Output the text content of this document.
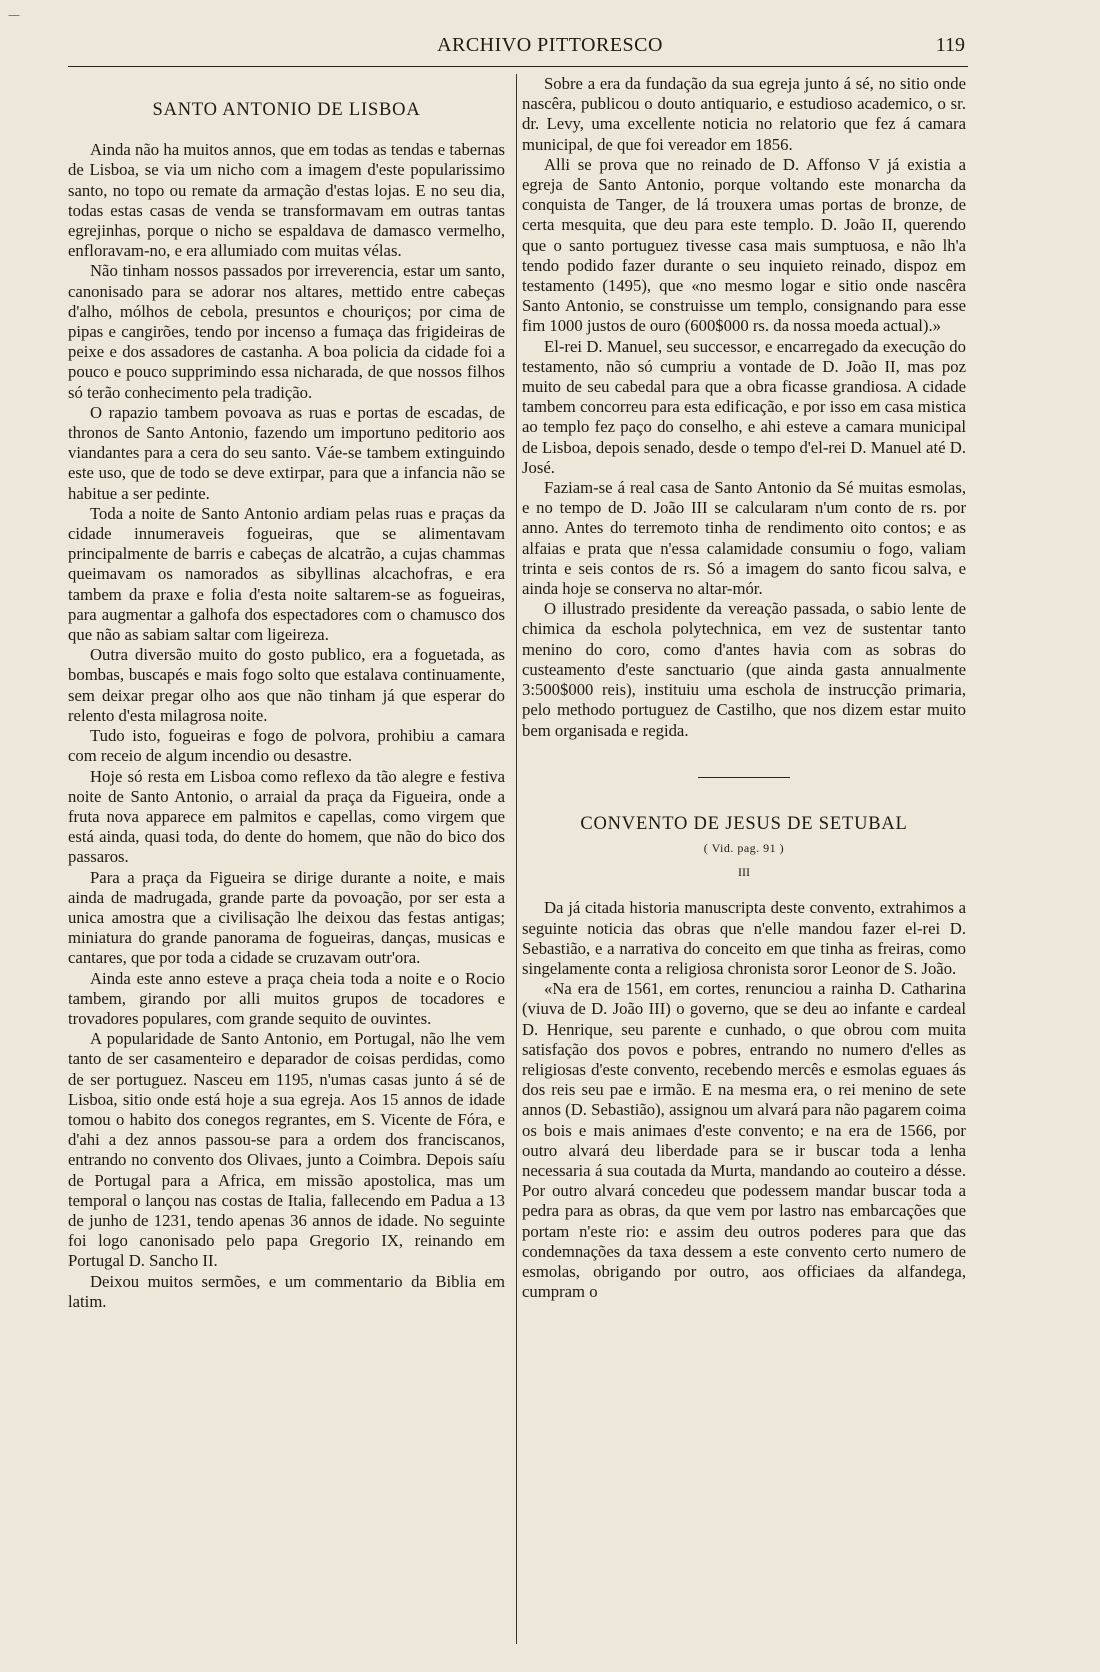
ARCHIVO PITTORESCO	119
SANTO ANTONIO DE LISBOA

Ainda não ha muitos annos, que em todas as tendas e tabernas de Lisboa, se via um nicho com a imagem d'este popularissimo santo, no topo ou remate da armação d'estas lojas. E no seu dia, todas estas casas de venda se transformavam em outras tantas egrejinhas, porque o nicho se espaldava de damasco vermelho, enfloravam-no, e era allumiado com muitas vélas.

Não tinham nossos passados por irreverencia, estar um santo, canonisado para se adorar nos altares, mettido entre cabeças d'alho, mólhos de cebola, presuntos e chouriços; por cima de pipas e cangirões, tendo por incenso a fumaça das frigideiras de peixe e dos assadores de castanha. A boa policia da cidade foi a pouco e pouco supprimindo essa nicharada, de que nossos filhos só terão conhecimento pela tradição.

O rapazio tambem povoava as ruas e portas de escadas, de thronos de Santo Antonio, fazendo um importuno peditorio aos viandantes para a cera do seu santo. Váe-se tambem extinguindo este uso, que de todo se deve extirpar, para que a infancia não se habitue a ser pedinte.

Toda a noite de Santo Antonio ardiam pelas ruas e praças da cidade innumeraveis fogueiras, que se alimentavam principalmente de barris e cabeças de alcatrão, a cujas chammas queimavam os namorados as sibyllinas alcachofras, e era tambem da praxe e folia d'esta noite saltarem-se as fogueiras, para augmentar a galhofa dos espectadores com o chamusco dos que não as sabiam saltar com ligeireza.

Outra diversão muito do gosto publico, era a foguetada, as bombas, buscapés e mais fogo solto que estalava continuamente, sem deixar pregar olho aos que não tinham já que esperar do relento d'esta milagrosa noite.

Tudo isto, fogueiras e fogo de polvora, prohibiu a camara com receio de algum incendio ou desastre.

Hoje só resta em Lisboa como reflexo da tão alegre e festiva noite de Santo Antonio, o arraial da praça da Figueira, onde a fruta nova apparece em palmitos e capellas, como virgem que está ainda, quasi toda, do dente do homem, que não do bico dos passaros.

Para a praça da Figueira se dirige durante a noite, e mais ainda de madrugada, grande parte da povoação, por ser esta a unica amostra que a civilisação lhe deixou das festas antigas; miniatura do grande panorama de fogueiras, danças, musicas e cantares, que por toda a cidade se cruzavam outr'ora.

Ainda este anno esteve a praça cheia toda a noite e o Rocio tambem, girando por alli muitos grupos de tocadores e trovadores populares, com grande sequito de ouvintes.

A popularidade de Santo Antonio, em Portugal, não lhe vem tanto de ser casamenteiro e deparador de coisas perdidas, como de ser portuguez. Nasceu em 1195, n'umas casas junto á sé de Lisboa, sitio onde está hoje a sua egreja. Aos 15 annos de idade tomou o habito dos conegos regrantes, em S. Vicente de Fóra, e d'ahi a dez annos passou-se para a ordem dos franciscanos, entrando no convento dos Olivaes, junto a Coimbra. Depois saíu de Portugal para a Africa, em missão apostolica, mas um temporal o lançou nas costas de Italia, fallecendo em Padua a 13 de junho de 1231, tendo apenas 36 annos de idade. No seguinte foi logo canonisado pelo papa Gregorio IX, reinando em Portugal D. Sancho II.

Deixou muitos sermões, e um commentario da Biblia em latim.

Sobre a era da fundação da sua egreja junto á sé, no sitio onde nascêra, publicou o douto antiquario, e estudioso academico, o sr. dr. Levy, uma excellente noticia no relatorio que fez á camara municipal, de que foi vereador em 1856.

Alli se prova que no reinado de D. Affonso V já existia a egreja de Santo Antonio, porque voltando este monarcha da conquista de Tanger, de lá trouxera umas portas de bronze, de certa mesquita, que deu para este templo. D. João II, querendo que o santo portuguez tivesse casa mais sumptuosa, e não lh'a tendo podido fazer durante o seu inquieto reinado, dispoz em testamento (1495), que «no mesmo logar e sitio onde nascêra Santo Antonio, se construisse um templo, consignando para esse fim 1000 justos de ouro (600$000 rs. da nossa moeda actual).»

El-rei D. Manuel, seu successor, e encarregado da execução do testamento, não só cumpriu a vontade de D. João II, mas poz muito de seu cabedal para que a obra ficasse grandiosa. A cidade tambem concorreu para esta edificação, e por isso em casa mistica ao templo fez paço do conselho, e ahi esteve a camara municipal de Lisboa, depois senado, desde o tempo d'el-rei D. Manuel até D. José.

Faziam-se á real casa de Santo Antonio da Sé muitas esmolas, e no tempo de D. João III se calcularam n'um conto de rs. por anno. Antes do terremoto tinha de rendimento oito contos; e as alfaias e prata que n'essa calamidade consumiu o fogo, valiam trinta e seis contos de rs. Só a imagem do santo ficou salva, e ainda hoje se conserva no altar-mór.

O illustrado presidente da vereação passada, o sabio lente de chimica da eschola polytechnica, em vez de sustentar tanto menino do coro, como d'antes havia com as sobras do custeamento d'este sanctuario (que ainda gasta annualmente 3:500$000 reis), instituiu uma eschola de instrucção primaria, pelo methodo portuguez de Castilho, que nos dizem estar muito bem organisada e regida.

CONVENTO DE JESUS DE SETUBAL
( Vid. pag. 91 )
III

Da já citada historia manuscripta deste convento, extrahimos a seguinte noticia das obras que n'elle mandou fazer el-rei D. Sebastião, e a narrativa do conceito em que tinha as freiras, como singelamente conta a religiosa chronista soror Leonor de S. João.

«Na era de 1561, em cortes, renunciou a rainha D. Catharina (viuva de D. João III) o governo, que se deu ao infante e cardeal D. Henrique, seu parente e cunhado, o que obrou com muita satisfação dos povos e pobres, entrando no numero d'elles as religiosas d'este convento, recebendo mercês e esmolas eguaes ás dos reis seu pae e irmão. E na mesma era, o rei menino de sete annos (D. Sebastião), assignou um alvará para não pagarem coima os bois e mais animaes d'este convento; e na era de 1566, por outro alvará deu liberdade para se ir buscar toda a lenha necessaria á sua coutada da Murta, mandando ao couteiro a désse. Por outro alvará concedeu que podessem mandar buscar toda a pedra para as obras, da que vem por lastro nas embarcações que portam n'este rio: e assim deu outros poderes para que das condemnações da taxa dessem a este convento certo numero de esmolas, obrigando por outro, aos officiaes da alfandega, cumpram o

—
